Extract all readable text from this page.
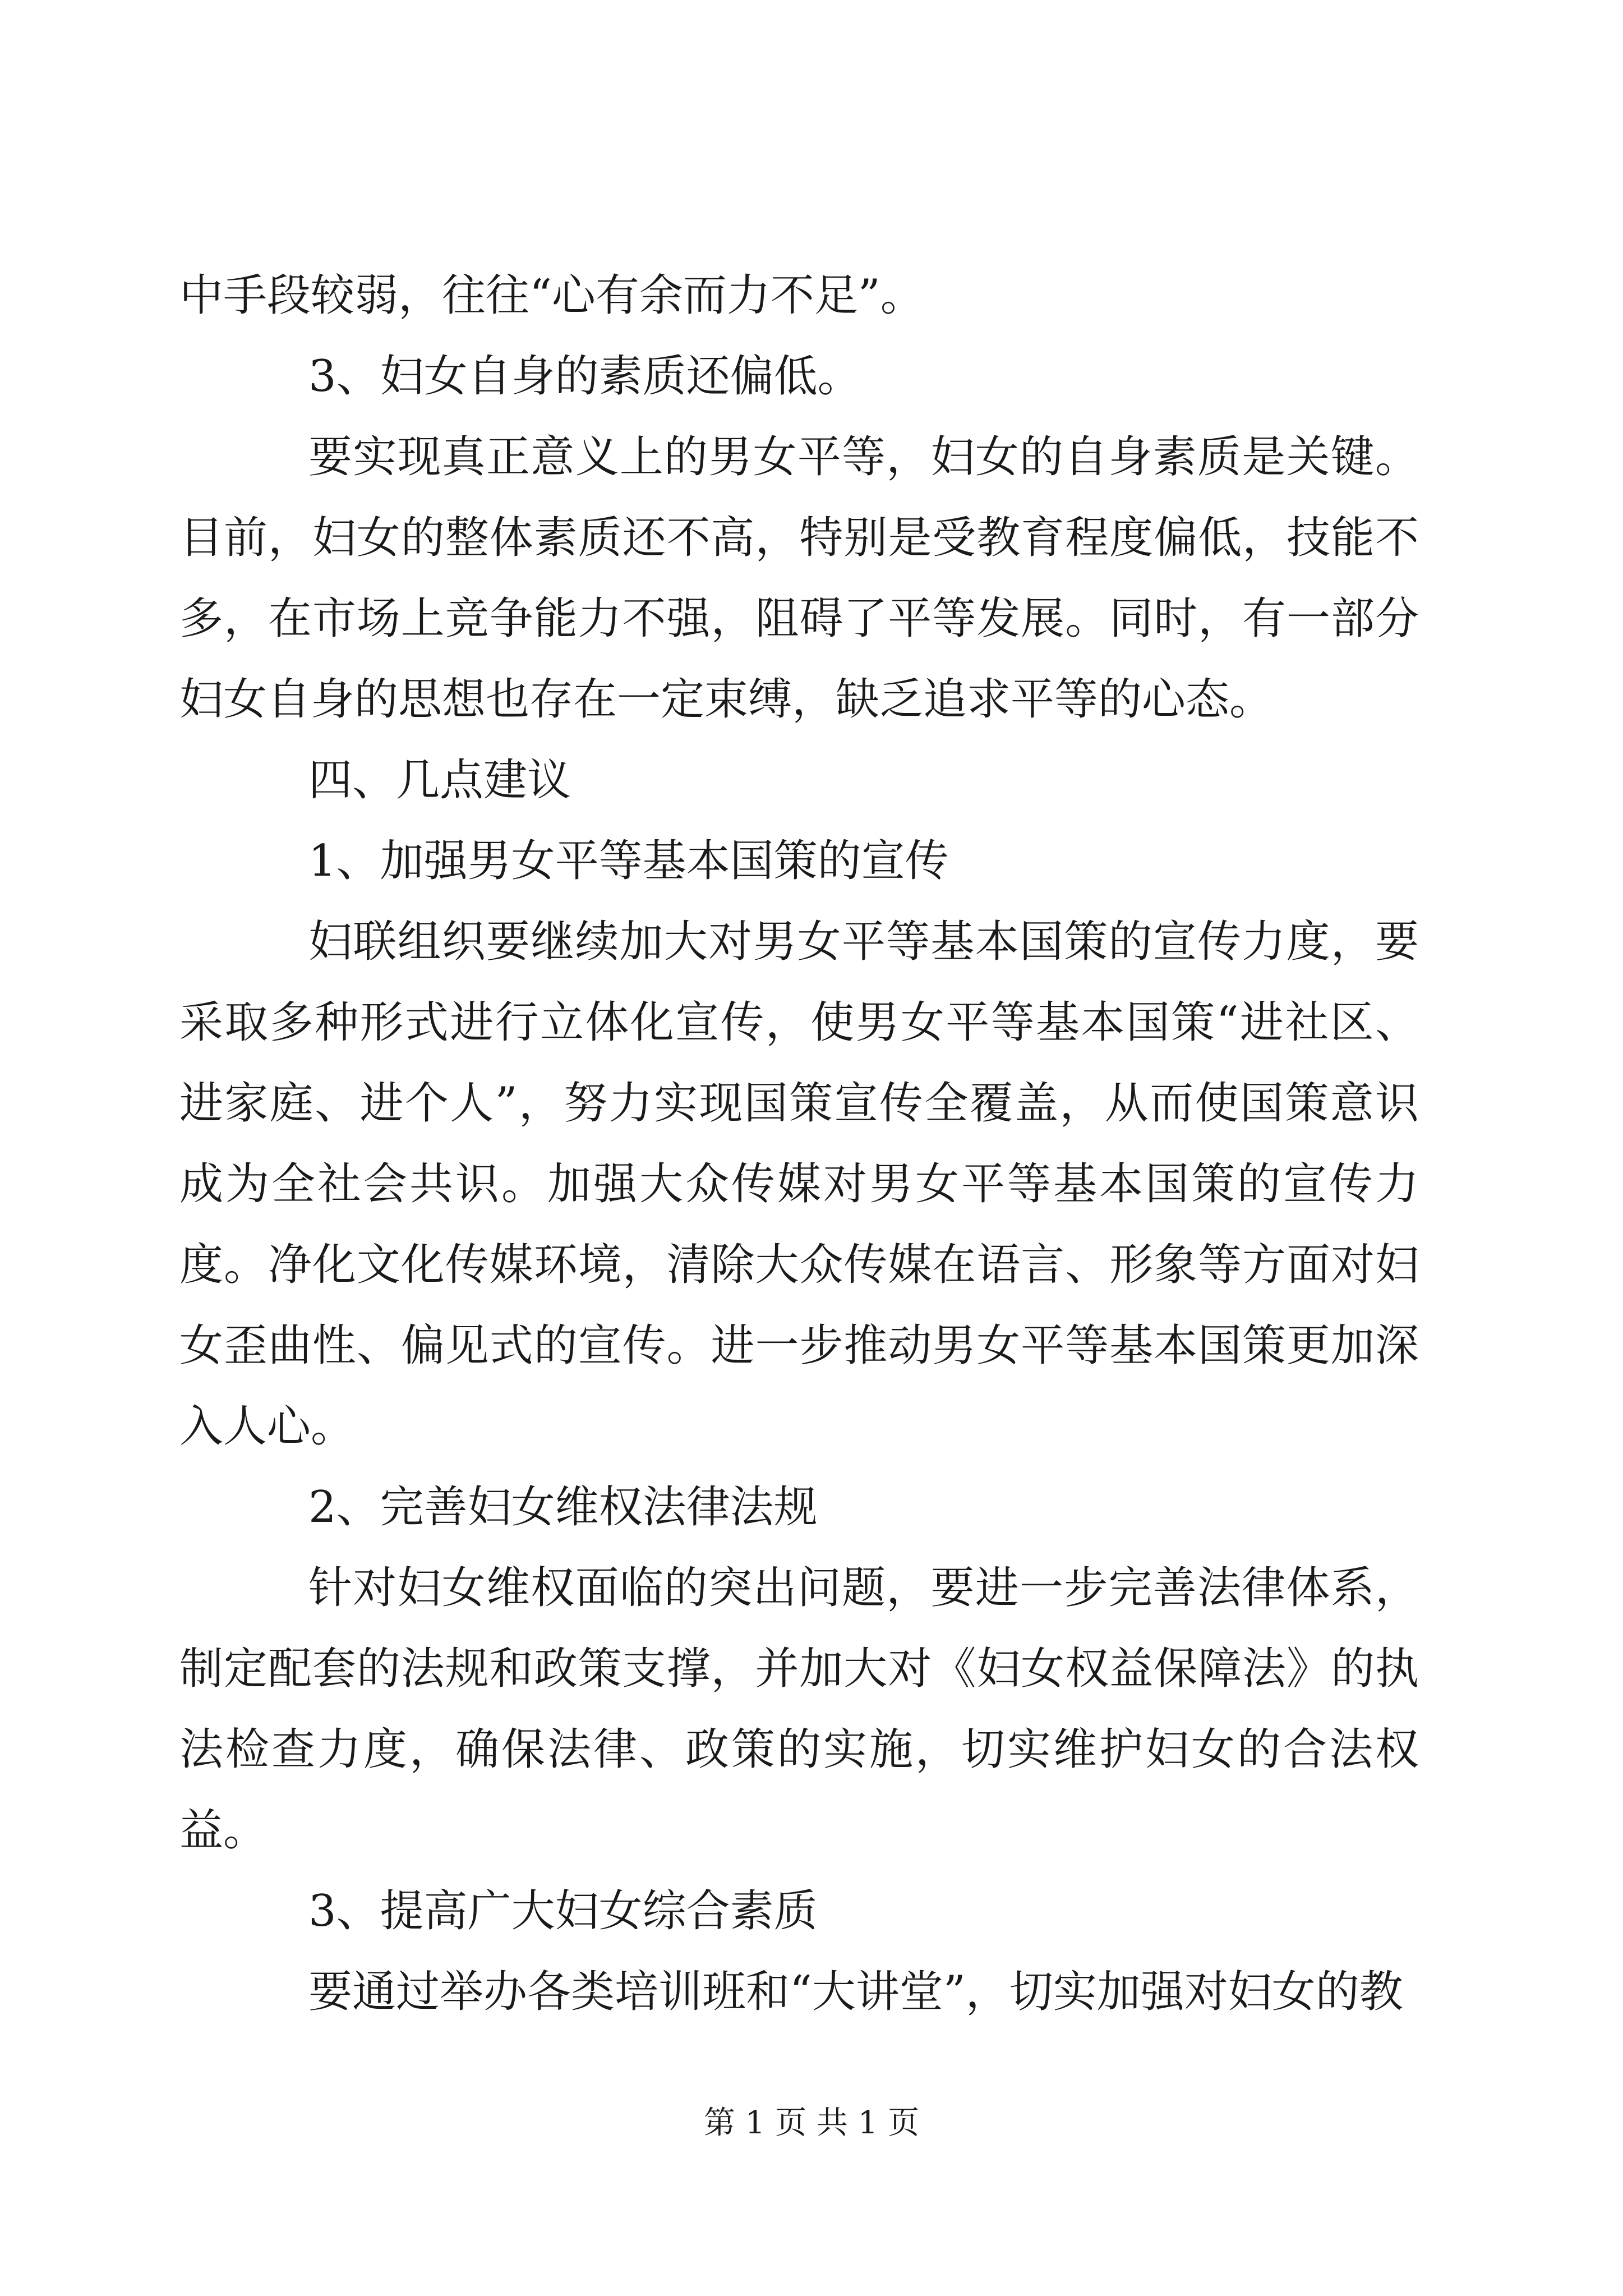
中手段较弱，往往“心有余而力不足”。

3、妇女自身的素质还偏低。

要实现真正意义上的男女平等，妇女的自身素质是关键。目前，妇女的整体素质还不高，特别是受教育程度偏低，技能不多，在市场上竞争能力不强，阻碍了平等发展。同时，有一部分妇女自身的思想也存在一定束缚，缺乏追求平等的心态。

四、几点建议

1、加强男女平等基本国策的宣传

妇联组织要继续加大对男女平等基本国策的宣传力度，要采取多种形式进行立体化宣传，使男女平等基本国策“进社区、进家庭、进个人”，努力实现国策宣传全覆盖，从而使国策意识成为全社会共识。加强大众传媒对男女平等基本国策的宣传力度。净化文化传媒环境，清除大众传媒在语言、形象等方面对妇女歪曲性、偏见式的宣传。进一步推动男女平等基本国策更加深入人心。

2、完善妇女维权法律法规

针对妇女维权面临的突出问题，要进一步完善法律体系，制定配套的法规和政策支撑，并加大对《妇女权益保障法》的执法检查力度，确保法律、政策的实施，切实维护妇女的合法权益。

3、提高广大妇女综合素质

要通过举办各类培训班和“大讲堂”，切实加强对妇女的教

第 1 页 共 1 页
